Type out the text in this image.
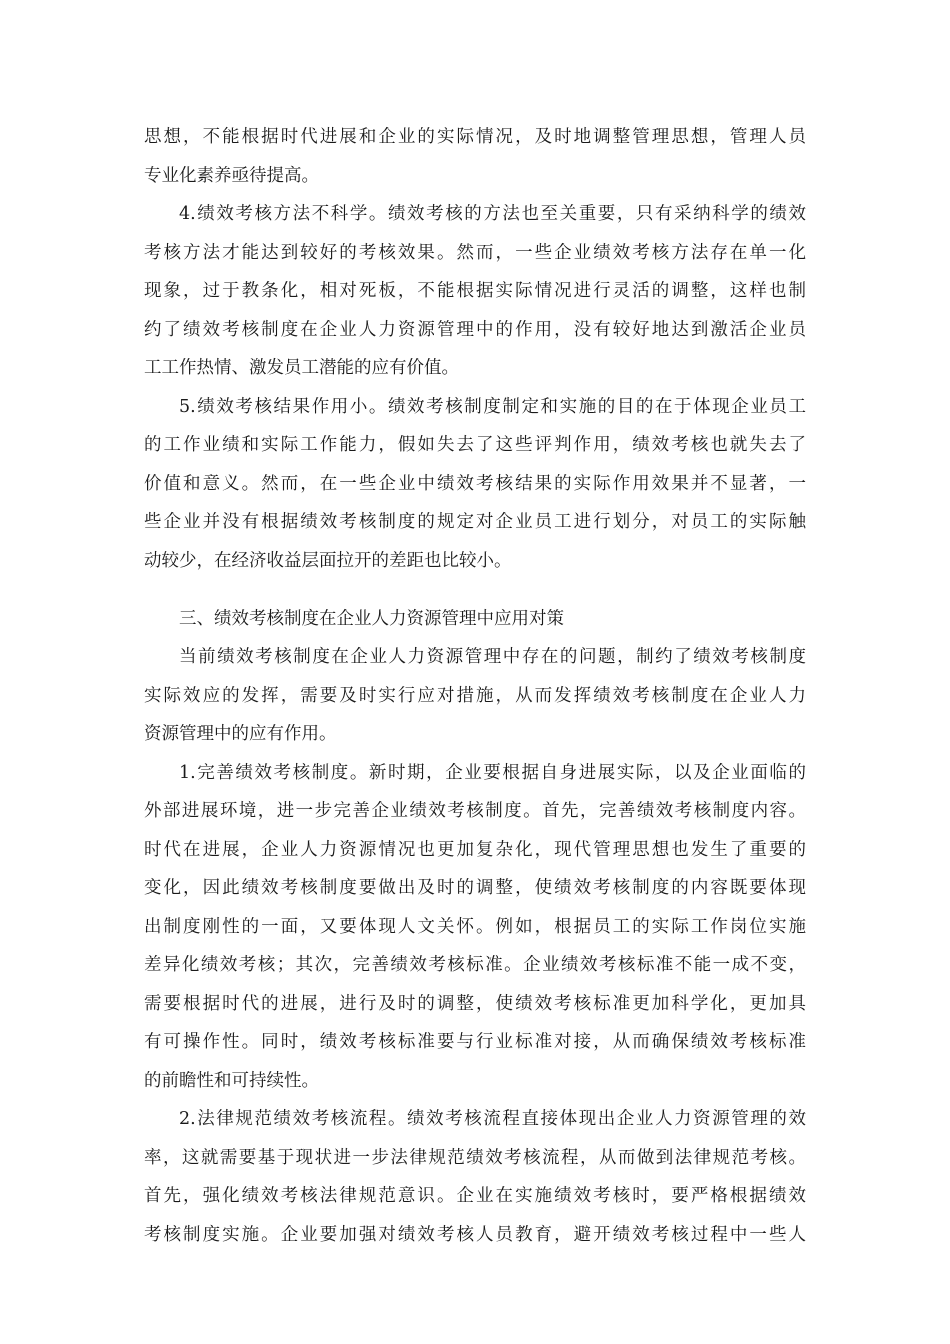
思想，不能根据时代进展和企业的实际情况，及时地调整管理思想，管理人员
专业化素养亟待提高。
4.绩效考核方法不科学。绩效考核的方法也至关重要，只有采纳科学的绩效
考核方法才能达到较好的考核效果。然而，一些企业绩效考核方法存在单一化
现象，过于教条化，相对死板，不能根据实际情况进行灵活的调整，这样也制
约了绩效考核制度在企业人力资源管理中的作用，没有较好地达到激活企业员
工工作热情、激发员工潜能的应有价值。
5.绩效考核结果作用小。绩效考核制度制定和实施的目的在于体现企业员工
的工作业绩和实际工作能力，假如失去了这些评判作用，绩效考核也就失去了
价值和意义。然而，在一些企业中绩效考核结果的实际作用效果并不显著，一
些企业并没有根据绩效考核制度的规定对企业员工进行划分，对员工的实际触
动较少，在经济收益层面拉开的差距也比较小。
三、绩效考核制度在企业人力资源管理中应用对策
当前绩效考核制度在企业人力资源管理中存在的问题，制约了绩效考核制度
实际效应的发挥，需要及时实行应对措施，从而发挥绩效考核制度在企业人力
资源管理中的应有作用。
1.完善绩效考核制度。新时期，企业要根据自身进展实际，以及企业面临的
外部进展环境，进一步完善企业绩效考核制度。首先，完善绩效考核制度内容。
时代在进展，企业人力资源情况也更加复杂化，现代管理思想也发生了重要的
变化，因此绩效考核制度要做出及时的调整，使绩效考核制度的内容既要体现
出制度刚性的一面，又要体现人文关怀。例如，根据员工的实际工作岗位实施
差异化绩效考核；其次，完善绩效考核标准。企业绩效考核标准不能一成不变，
需要根据时代的进展，进行及时的调整，使绩效考核标准更加科学化，更加具
有可操作性。同时，绩效考核标准要与行业标准对接，从而确保绩效考核标准
的前瞻性和可持续性。
2.法律规范绩效考核流程。绩效考核流程直接体现出企业人力资源管理的效
率，这就需要基于现状进一步法律规范绩效考核流程，从而做到法律规范考核。
首先，强化绩效考核法律规范意识。企业在实施绩效考核时，要严格根据绩效
考核制度实施。企业要加强对绩效考核人员教育，避开绩效考核过程中一些人
